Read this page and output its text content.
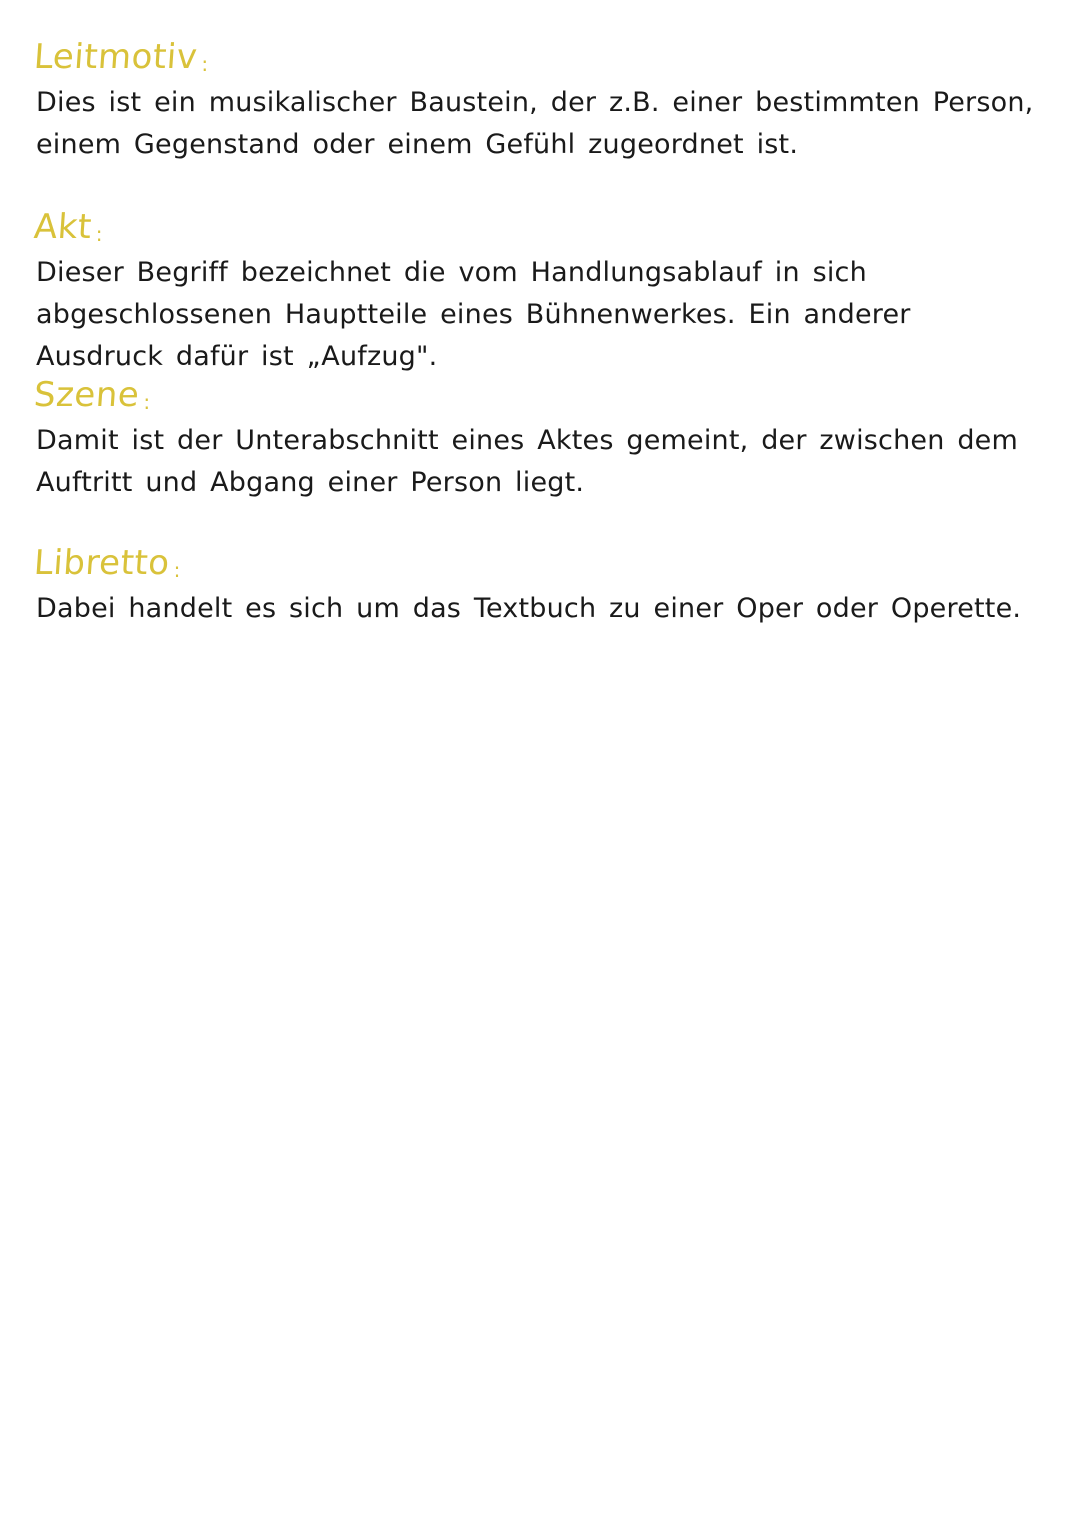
Leitmotiv :
Dies ist ein musikalischer Baustein, der z.B. einer bestimmten Person, einem Gegenstand oder einem Gefühl zugeordnet ist.
Akt :
Dieser Begriff bezeichnet die vom Handlungsablauf in sich abgeschlossenen Hauptteile eines Bühnenwerkes. Ein anderer Ausdruck dafür ist „Aufzug".
Szene :
Damit ist der Unterabschnitt eines Aktes gemeint, der zwischen dem Auftritt und Abgang einer Person liegt.
Libretto :
Dabei handelt es sich um das Textbuch zu einer Oper oder Operette.
